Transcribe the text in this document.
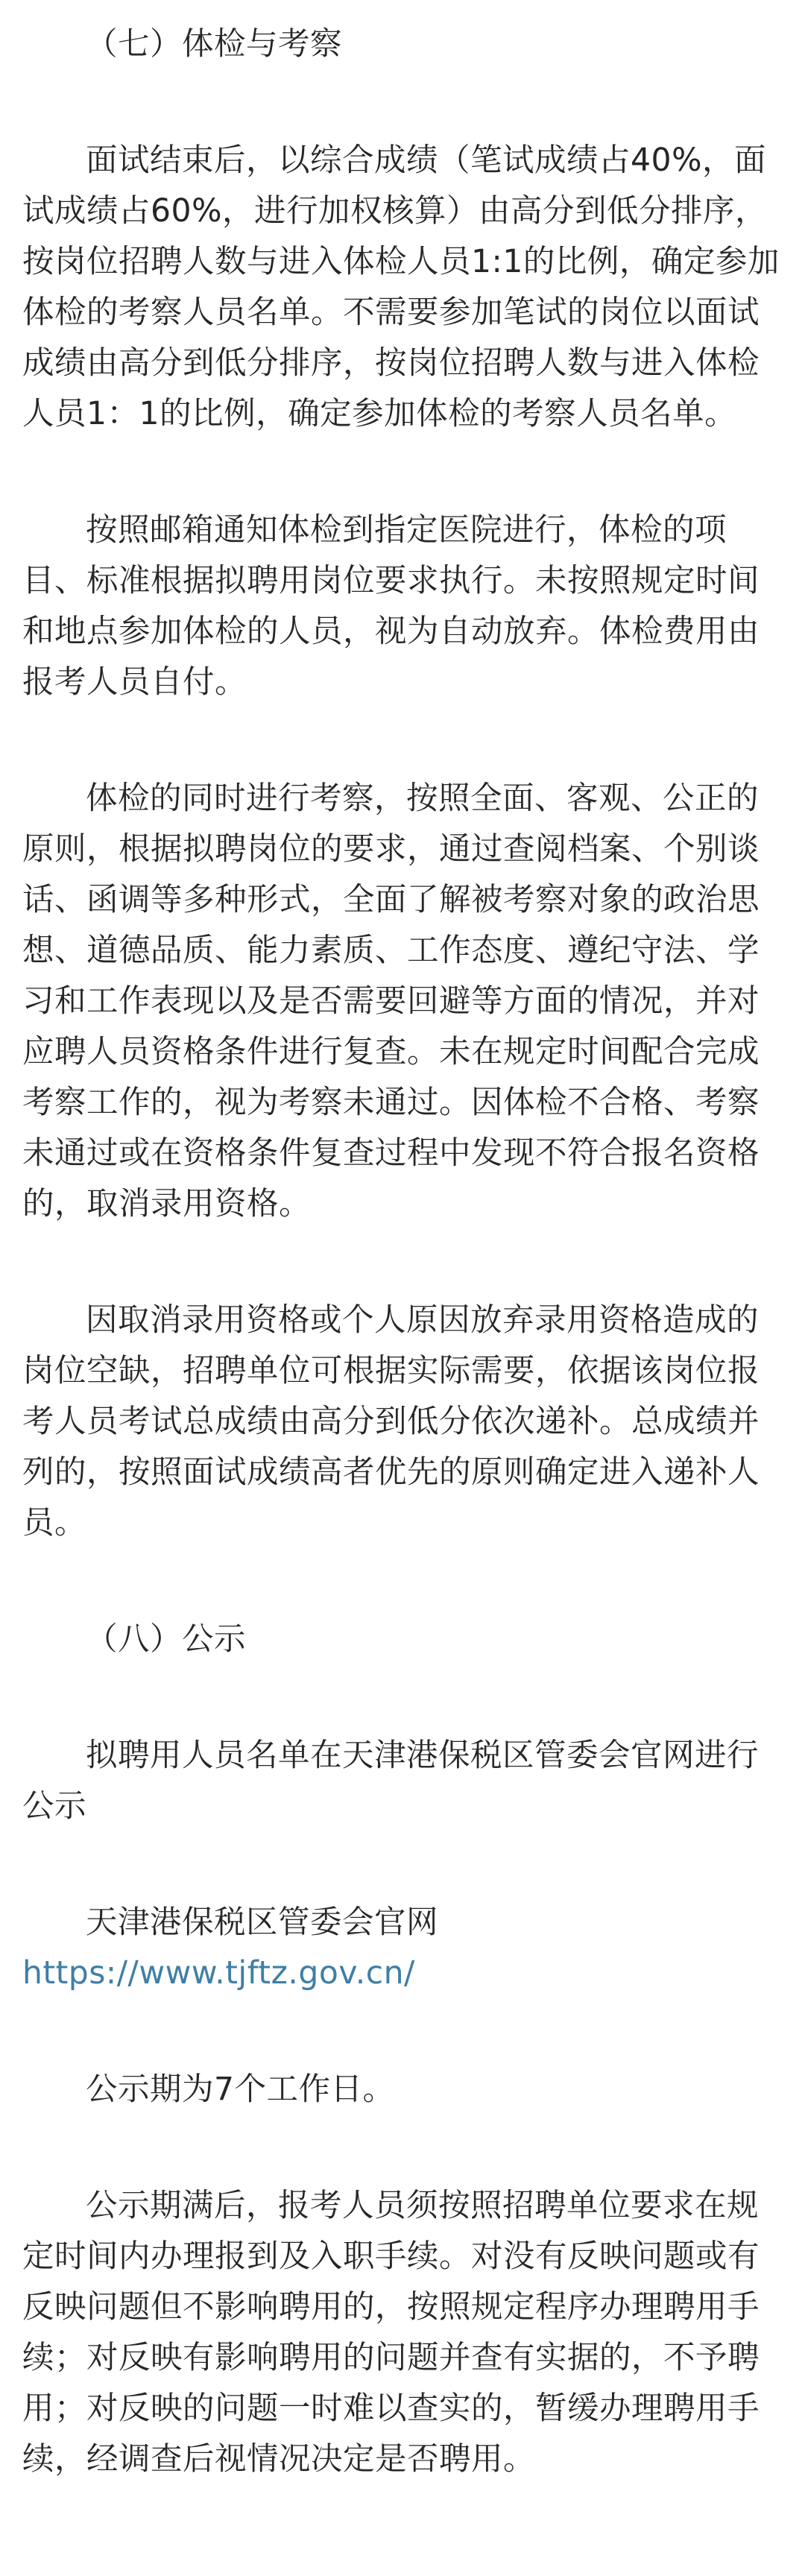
（七）体检与考察

面试结束后，以综合成绩（笔试成绩占40%，面试成绩占60%，进行加权核算）由高分到低分排序，按岗位招聘人数与进入体检人员1:1的比例，确定参加体检的考察人员名单。不需要参加笔试的岗位以面试成绩由高分到低分排序，按岗位招聘人数与进入体检人员1：1的比例，确定参加体检的考察人员名单。

按照邮箱通知体检到指定医院进行，体检的项目、标准根据拟聘用岗位要求执行。未按照规定时间和地点参加体检的人员，视为自动放弃。体检费用由报考人员自付。

体检的同时进行考察，按照全面、客观、公正的原则，根据拟聘岗位的要求，通过查阅档案、个别谈话、函调等多种形式，全面了解被考察对象的政治思想、道德品质、能力素质、工作态度、遵纪守法、学习和工作表现以及是否需要回避等方面的情况，并对应聘人员资格条件进行复查。未在规定时间配合完成考察工作的，视为考察未通过。因体检不合格、考察未通过或在资格条件复查过程中发现不符合报名资格的，取消录用资格。

因取消录用资格或个人原因放弃录用资格造成的岗位空缺，招聘单位可根据实际需要，依据该岗位报考人员考试总成绩由高分到低分依次递补。总成绩并列的，按照面试成绩高者优先的原则确定进入递补人员。

（八）公示

拟聘用人员名单在天津港保税区管委会官网进行公示

天津港保税区管委会官网

https://www.tjftz.gov.cn/

公示期为7个工作日。

公示期满后，报考人员须按照招聘单位要求在规定时间内办理报到及入职手续。对没有反映问题或有反映问题但不影响聘用的，按照规定程序办理聘用手续；对反映有影响聘用的问题并查有实据的，不予聘用；对反映的问题一时难以查实的，暂缓办理聘用手续，经调查后视情况决定是否聘用。
